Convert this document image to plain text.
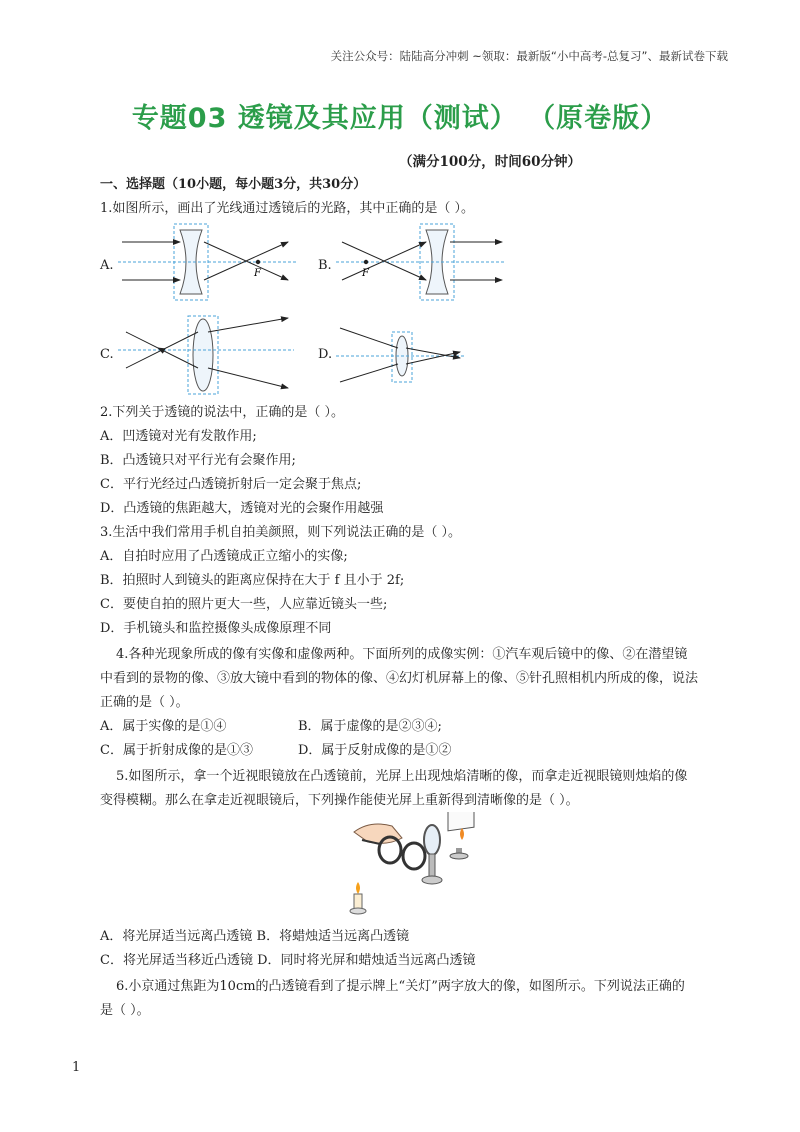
关注公众号：陆陆高分冲刺 ~领取：最新版“小中高考-总复习”、最新试卷下载
专题03 透镜及其应用（测试） （原卷版）
（满分100分，时间60分钟）
一、选择题（10小题，每小题3分，共30分）
1.如图所示，画出了光线通过透镜后的光路，其中正确的是（ ）。
A.
F
B.
F
C.	D.
2.下列关于透镜的说法中，正确的是（ ）。
A．凹透镜对光有发散作用;
B．凸透镜只对平行光有会聚作用;
C．平行光经过凸透镜折射后一定会聚于焦点;
D．凸透镜的焦距越大，透镜对光的会聚作用越强
3.生活中我们常用手机自拍美颜照，则下列说法正确的是（ ）。
A．自拍时应用了凸透镜成正立缩小的实像;
B．拍照时人到镜头的距离应保持在大于 f 且小于 2f;
C．要使自拍的照片更大一些，人应靠近镜头一些;
D．手机镜头和监控摄像头成像原理不同
4.各种光现象所成的像有实像和虚像两种。下面所列的成像实例：①汽车观后镜中的像、②在潜望镜
中看到的景物的像、③放大镜中看到的物体的像、④幻灯机屏幕上的像、⑤针孔照相机内所成的像，说法
正确的是（ ）。
A．属于实像的是①④	B．属于虚像的是②③④;
C．属于折射成像的是①③	D．属于反射成像的是①②
5.如图所示，拿一个近视眼镜放在凸透镜前，光屏上出现烛焰清晰的像，而拿走近视眼镜则烛焰的像
变得模糊。那么在拿走近视眼镜后，下列操作能使光屏上重新得到清晰像的是（ ）。
A．将光屏适当远离凸透镜 B．将蜡烛适当远离凸透镜
C．将光屏适当移近凸透镜 D．同时将光屏和蜡烛适当远离凸透镜
6.小京通过焦距为10cm的凸透镜看到了提示牌上“关灯”两字放大的像，如图所示。下列说法正确的
是（ ）。
1
